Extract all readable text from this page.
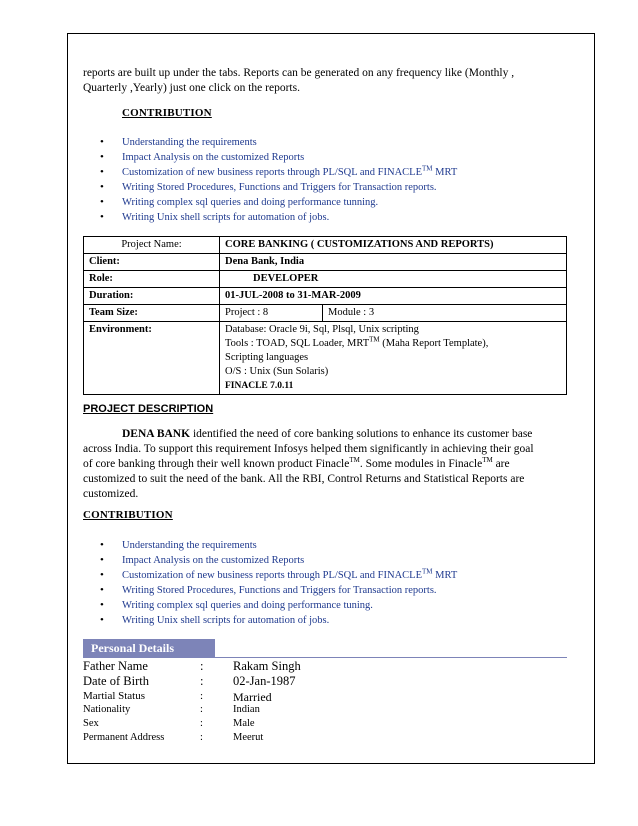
reports are built up under the tabs. Reports can be generated on any frequency like (Monthly ,

Quarterly ,Yearly) just one click on the reports.

CONTRIBUTION
• Understanding the requirements
• Impact Analysis on the customized Reports
• Customization of new business reports through PL/SQL and FINACLE™ MRT
• Writing Stored Procedures, Functions and Triggers for Transaction reports.
• Writing complex sql queries and doing performance tunning.
• Writing Unix shell scripts for automation of jobs.
Project Name:	CORE BANKING ( CUSTOMIZATIONS AND REPORTS)	
Client:	Dena Bank, India	
Role:	DEVELOPER	
Duration:	01-JUL-2008 to 31-MAR-2009	
Team Size:	Project : 8	Module : 3
Environment:	Database: Oracle 9i, Sql, Plsql, Unix scripting
Tools : TOAD, SQL Loader, MRT™ (Maha Report Template),
Scripting languages
O/S : Unix (Sun Solaris)
FINACLE 7.0.11	
PROJECT DESCRIPTION

DENA BANK identified the need of core banking solutions to enhance its customer base

across India. To support this requirement Infosys helped them significantly in achieving their goal

of core banking through their well known product Finacle™. Some modules in Finacle™ are

customized to suit the need of the bank. All the RBI, Control Returns and Statistical Reports are

customized.

CONTRIBUTION
• Understanding the requirements
• Impact Analysis on the customized Reports
• Customization of new business reports through PL/SQL and FINACLE™ MRT
• Writing Stored Procedures, Functions and Triggers for Transaction reports.
• Writing complex sql queries and doing performance tuning.
• Writing Unix shell scripts for automation of jobs.
Personal Details
Father Name	: Rakam Singh
Date of Birth	: 02-Jan-1987
Martial Status	: Married
Nationality	:	Indian
Sex	:	Male
Permanent Address	:	Meerut
